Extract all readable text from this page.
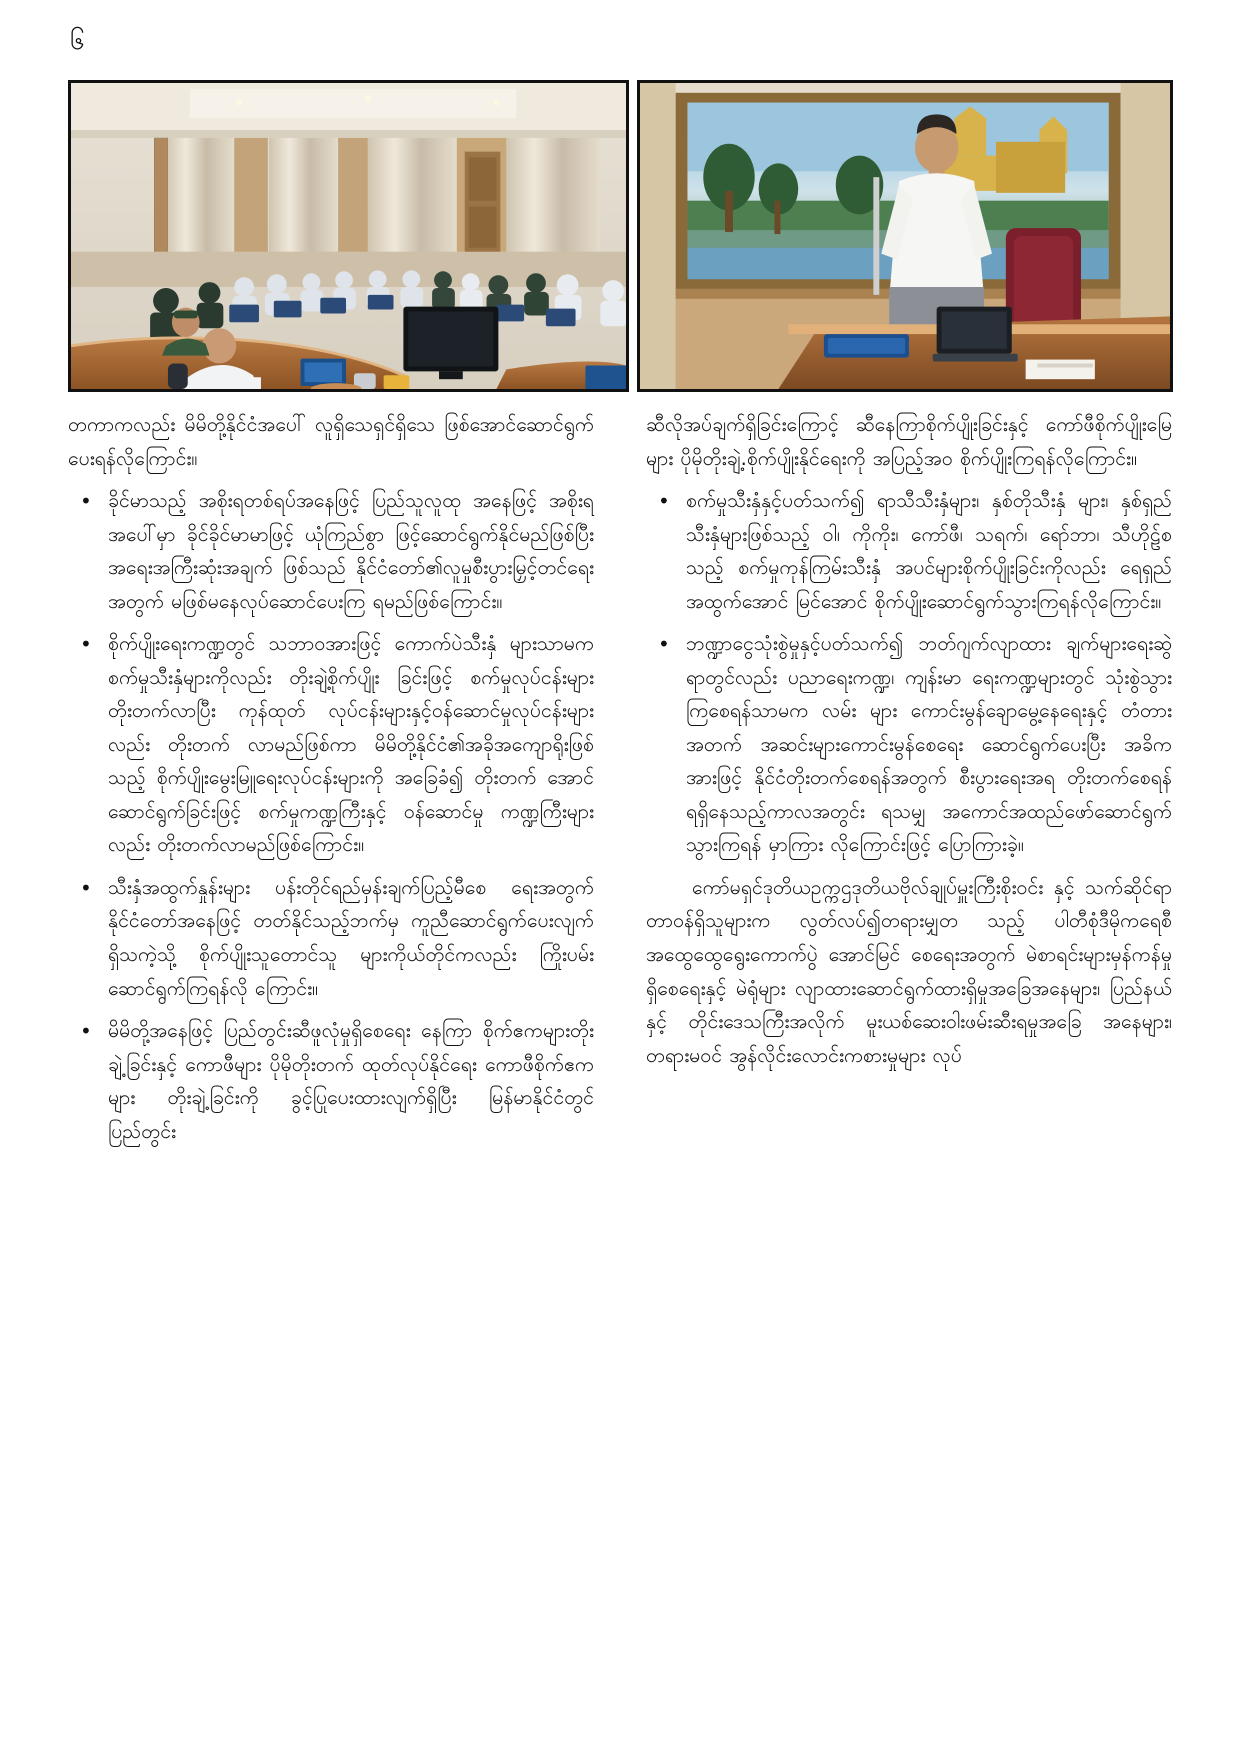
၆

တကာကလည်း မိမိတို့နိုင်ငံအပေါ် လူရှိသေရှင်ရှိသေ ဖြစ်အောင်ဆောင်ရွက်ပေးရန်လိုကြောင်း။

• ခိုင်မာသည့် အစိုးရတစ်ရပ်အနေဖြင့် ပြည်သူလူထု အနေဖြင့် အစိုးရအပေါ်မှာ ခိုင်ခိုင်မာမာဖြင့် ယုံကြည်စွာ ဖြင့်ဆောင်ရွက်နိုင်မည်ဖြစ်ပြီး အရေးအကြီးဆုံးအချက် ဖြစ်သည် နိုင်ငံတော်၏လူမှုစီးပွားမြှင့်တင်ရေးအတွက် မဖြစ်မနေလုပ်ဆောင်ပေးကြ ရမည်ဖြစ်ကြောင်း။
• စိုက်ပျိုးရေးကဏ္ဍတွင် သဘာဝအားဖြင့် ကောက်ပဲသီးနှံ များသာမက စက်မှုသီးနှံများကိုလည်း တိုးချဲ့စိုက်ပျိုး ခြင်းဖြင့် စက်မှုလုပ်ငန်းများတိုးတက်လာပြီး ကုန်ထုတ် လုပ်ငန်းများနှင့်ဝန်ဆောင်မှုလုပ်ငန်းများလည်း တိုးတက် လာမည်ဖြစ်ကာ မိမိတို့နိုင်ငံ၏အခိုအကျောရိုးဖြစ်သည့် စိုက်ပျိုးမွေးမြူရေးလုပ်ငန်းများကို အခြေခံ၍ တိုးတက် အောင်ဆောင်ရွက်ခြင်းဖြင့် စက်မှုကဏ္ဍကြီးနှင့် ဝန်ဆောင်မှု ကဏ္ဍကြီးများလည်း တိုးတက်လာမည်ဖြစ်ကြောင်း။
• သီးနှံအထွက်နှုန်းများ ပန်းတိုင်ရည်မှန်းချက်ပြည့်မီစေ ရေးအတွက် နိုင်ငံတော်အနေဖြင့် တတ်နိုင်သည့်ဘက်မှ ကူညီဆောင်ရွက်ပေးလျက်ရှိသကဲ့သို့ စိုက်ပျိုးသူတောင်သူ များကိုယ်တိုင်ကလည်း ကြိုးပမ်းဆောင်ရွက်ကြရန်လို ကြောင်း။
• မိမိတို့အနေဖြင့် ပြည်တွင်းဆီဖူလုံမှုရှိစေရေး နေကြာ စိုက်ဧကများတိုးချဲ့ခြင်းနှင့် ကောဖီများ ပိုမိုတိုးတက် ထုတ်လုပ်နိုင်ရေး ကောဖီစိုက်ဧကများ တိုးချဲ့ခြင်းကို ခွင့်ပြုပေးထားလျက်ရှိပြီး မြန်မာနိုင်ငံတွင် ပြည်တွင်း

ဆီလိုအပ်ချက်ရှိခြင်းကြောင့် ဆီနေကြာစိုက်ပျိုးခြင်းနှင့် ကော်ဖီစိုက်ပျိုးမြေများ ပိုမိုတိုးချဲ့.စိုက်ပျိုးနိုင်ရေးကို အပြည့်အဝ စိုက်ပျိုးကြရန်လိုကြောင်း။

• စက်မှုသီးနှံနှင့်ပတ်သက်၍ ရာသီသီးနှံများ၊ နှစ်တိုသီးနှံ များ၊ နှစ်ရှည်သီးနှံများဖြစ်သည့် ဝါ၊ ကိုကိုး၊ ကော်ဖီ၊ သရက်၊ ရော်ဘာ၊ သီဟိုဠ်စသည့် စက်မှုကုန်ကြမ်းသီးနှံ အပင်များစိုက်ပျိုးခြင်းကိုလည်း ရေရှည်အထွက်အောင် မြင်အောင် စိုက်ပျိုးဆောင်ရွက်သွားကြရန်လိုကြောင်း။
• ဘဏ္ဍာငွေသုံးစွဲမှုနှင့်ပတ်သက်၍ ဘတ်ဂျက်လျာထား ချက်များရေးဆွဲရာတွင်လည်း ပညာရေးကဏ္ဍ၊ ကျန်းမာ ရေးကဏ္ဍများတွင် သုံးစွဲသွားကြစေရန်သာမက လမ်း များ ကောင်းမွန်ချောမွေ့နေရေးနှင့် တံတားအတက် အဆင်းများကောင်းမွန်စေရေး ဆောင်ရွက်ပေးပြီး အခိက အားဖြင့် နိုင်ငံတိုးတက်စေရန်အတွက် စီးပွားရေးအရ တိုးတက်စေရန် ရရှိနေသည့်ကာလအတွင်း ရသမျှ အကောင်အထည်ဖော်ဆောင်ရွက်သွားကြရန် မှာကြား လိုကြောင်းဖြင့် ပြောကြားခဲ့။

ကော်မရှင်ဒုတိယဥက္ကဌဒုတိယဗိုလ်ချုပ်မှူးကြီးစိုးဝင်း နှင့် သက်ဆိုင်ရာတာဝန်ရှိသူများက လွတ်လပ်၍တရားမျှတ သည့် ပါတီစုံဒီမိုကရေစီအထွေထွေရွေးကောက်ပွဲ အောင်မြင် စေရေးအတွက် မဲစာရင်းများမှန်ကန်မှုရှိစေရေးနှင့် မဲရုံများ လျာထားဆောင်ရွက်ထားရှိမှုအခြေအနေများ၊ ပြည်နယ်နှင့် တိုင်းဒေသကြီးအလိုက် မူးယစ်ဆေးဝါးဖမ်းဆီးရမှုအခြေ အနေများ၊ တရားမဝင် အွန်လိုင်းလောင်းကစားမှုများ လုပ်
